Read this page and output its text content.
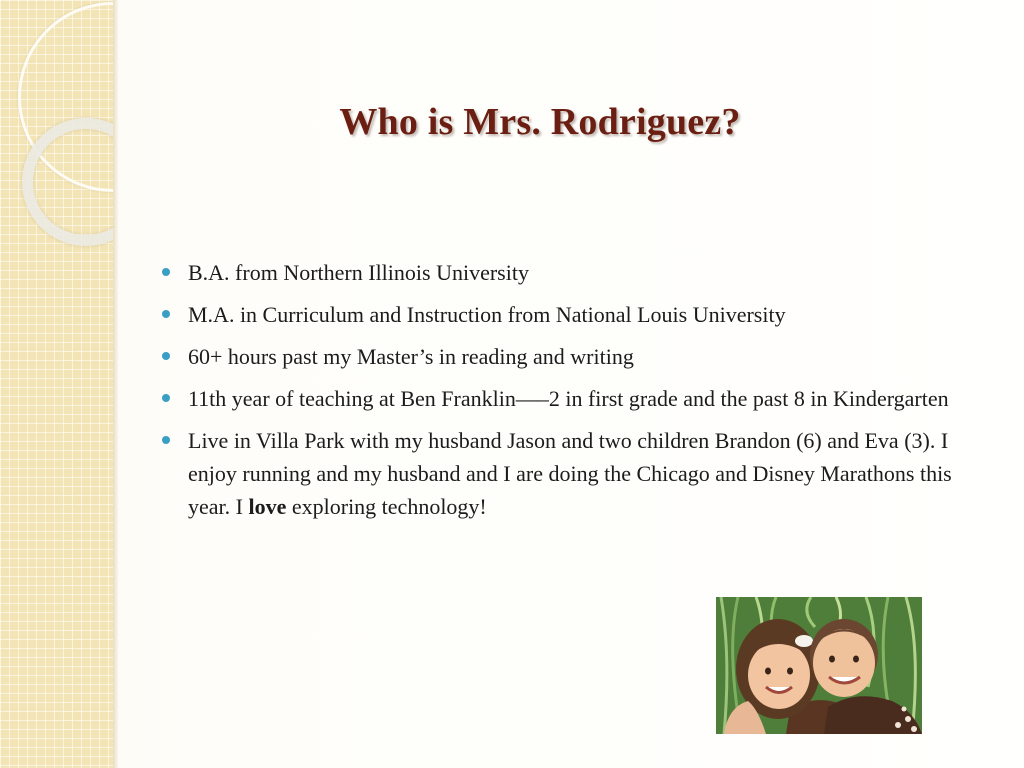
Who is Mrs. Rodriguez?
B.A. from Northern Illinois University
M.A. in Curriculum and Instruction from National Louis University
60+ hours past my Master’s in reading and writing
11th year of teaching at Ben Franklin—–2 in first grade and the past 8 in Kindergarten
Live in Villa Park with my husband Jason and two children Brandon (6) and Eva (3). I enjoy running and my husband and I are doing the Chicago and Disney Marathons this year. I love exploring technology!
